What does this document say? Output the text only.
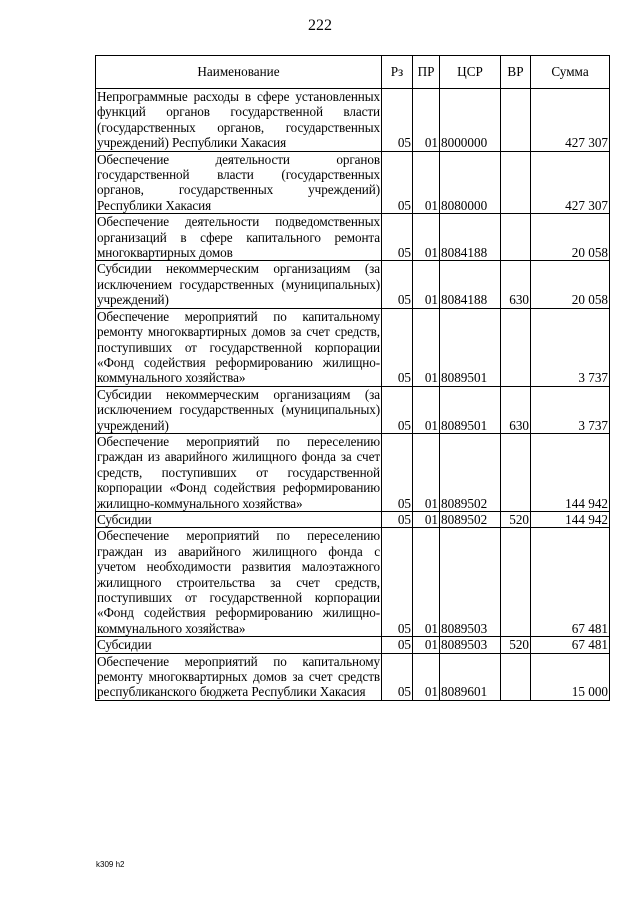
222
Наименование	Рз	ПР	ЦСР	ВР	Сумма
Непрограммные расходы в сфере установленных функций органов государственной власти (государственных органов, государственных учреждений) Республики Хакасия	05	01	8000000		427 307
Обеспечение деятельности органов государственной власти (государственных органов, государственных учреждений) Республики Хакасия	05	01	8080000		427 307
Обеспечение деятельности подведомственных организаций в сфере капитального ремонта многоквартирных домов	05	01	8084188		20 058
Субсидии некоммерческим организациям (за исключением государственных (муниципальных) учреждений)	05	01	8084188	630	20 058
Обеспечение мероприятий по капитальному ремонту многоквартирных домов за счет средств, поступивших от государственной корпорации «Фонд содействия реформированию жилищно-коммунального хозяйства»	05	01	8089501		3 737
Субсидии некоммерческим организациям (за исключением государственных (муниципальных) учреждений)	05	01	8089501	630	3 737
Обеспечение мероприятий по переселению граждан из аварийного жилищного фонда за счет средств, поступивших от государственной корпорации «Фонд содействия реформированию жилищно-коммунального хозяйства»	05	01	8089502		144 942
Субсидии	05	01	8089502	520	144 942
Обеспечение мероприятий по переселению граждан из аварийного жилищного фонда с учетом необходимости развития малоэтажного жилищного строительства за счет средств, поступивших от государственной корпорации «Фонд содействия реформированию жилищно-коммунального хозяйства»	05	01	8089503		67 481
Субсидии	05	01	8089503	520	67 481
Обеспечение мероприятий по капитальному ремонту многоквартирных домов за счет средств республиканского бюджета Республики Хакасия	05	01	8089601		15 000
k309 h2
